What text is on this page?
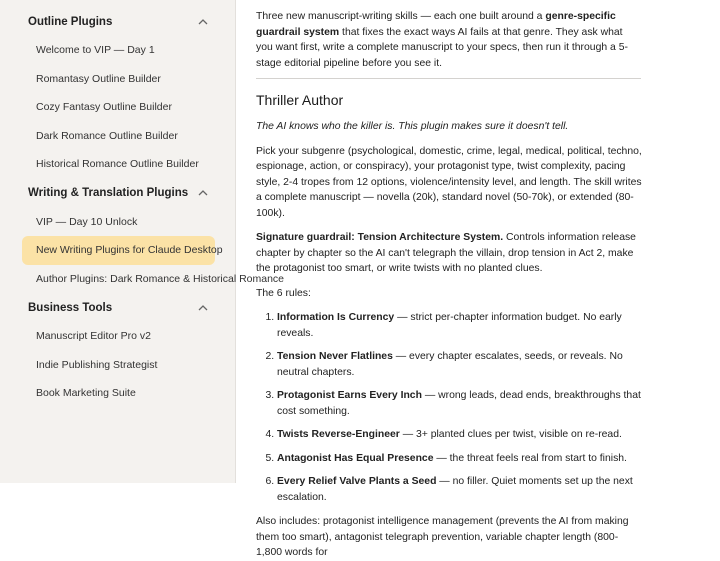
Outline Plugins
Welcome to VIP — Day 1
Romantasy Outline Builder
Cozy Fantasy Outline Builder
Dark Romance Outline Builder
Historical Romance Outline Builder
Writing & Translation Plugins
VIP — Day 10 Unlock
New Writing Plugins for Claude Desktop
Author Plugins: Dark Romance & Historical Romance
Business Tools
Manuscript Editor Pro v2
Indie Publishing Strategist
Book Marketing Suite

Three new manuscript-writing skills — each one built around a genre-specific guardrail system that fixes the exact ways AI fails at that genre. They ask what you want first, write a complete manuscript to your specs, then run it through a 5-stage editorial pipeline before you see it.

Thriller Author

The AI knows who the killer is. This plugin makes sure it doesn't tell.

Pick your subgenre (psychological, domestic, crime, legal, medical, political, techno, espionage, action, or conspiracy), your protagonist type, twist complexity, pacing style, 2-4 tropes from 12 options, violence/intensity level, and length. The skill writes a complete manuscript — novella (20k), standard novel (50-70k), or extended (80-100k).

Signature guardrail: Tension Architecture System. Controls information release chapter by chapter so the AI can't telegraph the villain, drop tension in Act 2, make the protagonist too smart, or write twists with no planted clues.

The 6 rules:

1. Information Is Currency — strict per-chapter information budget. No early reveals.
2. Tension Never Flatlines — every chapter escalates, seeds, or reveals. No neutral chapters.
3. Protagonist Earns Every Inch — wrong leads, dead ends, breakthroughs that cost something.
4. Twists Reverse-Engineer — 3+ planted clues per twist, visible on re-read.
5. Antagonist Has Equal Presence — the threat feels real from start to finish.
6. Every Relief Valve Plants a Seed — no filler. Quiet moments set up the next escalation.

Also includes: protagonist intelligence management (prevents the AI from making them too smart), antagonist telegraph prevention, variable chapter length (800-1,800 words for
